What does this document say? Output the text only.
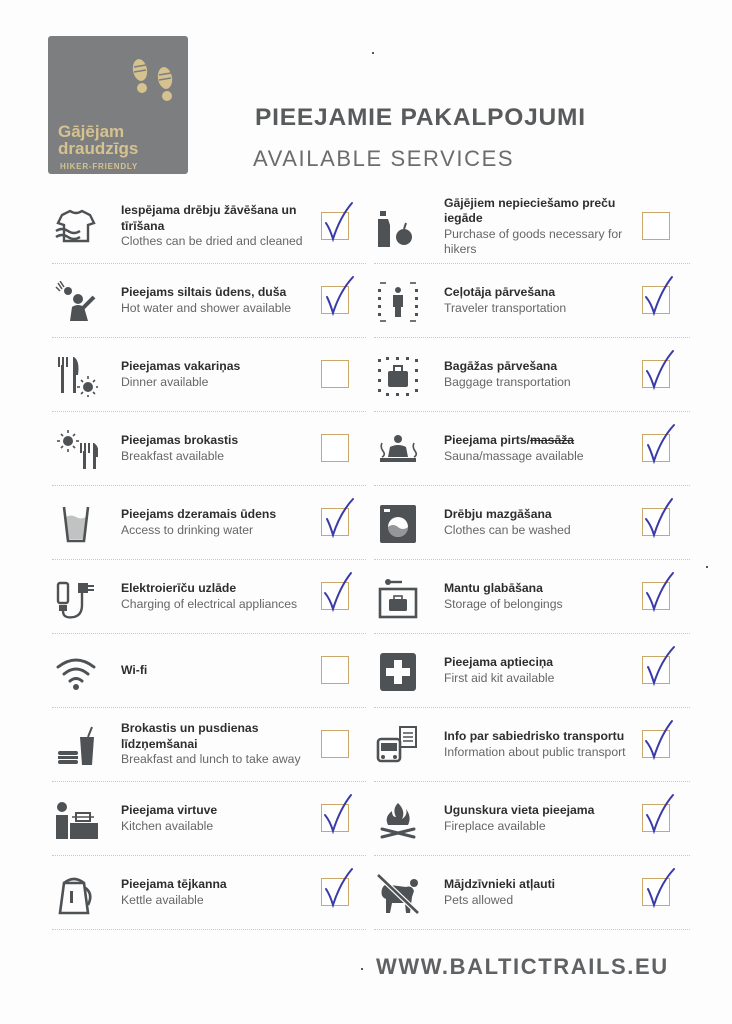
Gājējam
draudzīgs
HIKER-FRIENDLY
PIEEJAMIE PAKALPOJUMI
AVAILABLE SERVICES
Iespējama drēbju žāvēšana un tīrīšana
Clothes can be dried and cleaned
Pieejams siltais ūdens, duša
Hot water and shower available
Pieejamas vakariņas
Dinner available
Pieejamas brokastis
Breakfast available
Pieejams dzeramais ūdens
Access to drinking water
Elektroierīču uzlāde
Charging of electrical appliances
Wi-fi
Brokastis un pusdienas līdzņemšanai
Breakfast and lunch to take away
Pieejama virtuve
Kitchen available
Pieejama tējkanna
Kettle available
Gājējiem nepieciešamo preču iegāde
Purchase of goods necessary for hikers
Ceļotāja pārvešana
Traveler transportation
Bagāžas pārvešana
Baggage transportation
Pieejama pirts/masāža
Sauna/massage available
Drēbju mazgāšana
Clothes can be washed
Mantu glabāšana
Storage of belongings
Pieejama aptieciņa
First aid kit available
Info par sabiedrisko transportu
Information about public transport
Ugunskura vieta pieejama
Fireplace available
Mājdzīvnieki atļauti
Pets allowed
WWW.BALTICTRAILS.EU
